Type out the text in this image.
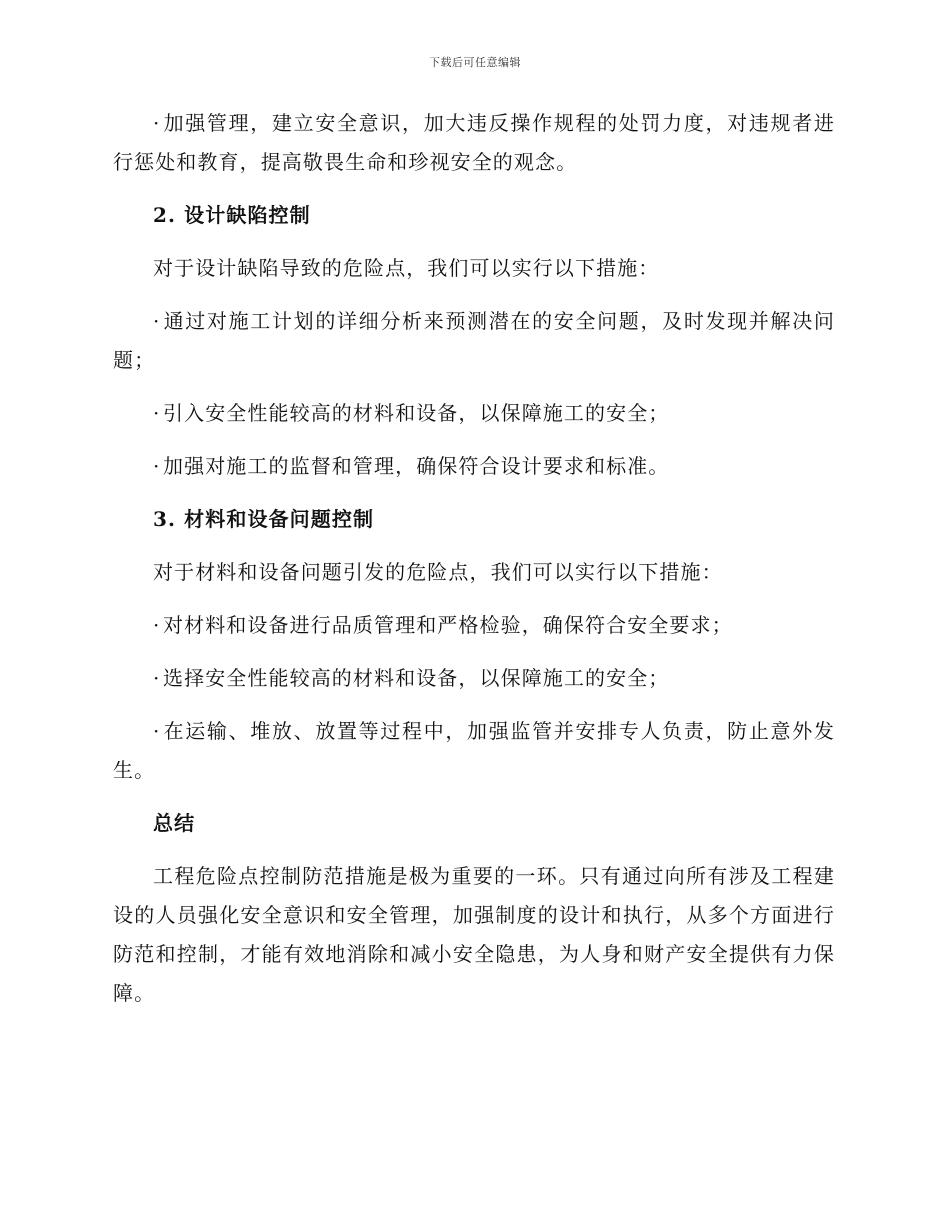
下载后可任意编辑

· 加强管理，建立安全意识，加大违反操作规程的处罚力度，对违规者进行惩处和教育，提高敬畏生命和珍视安全的观念。

2. 设计缺陷控制

对于设计缺陷导致的危险点，我们可以实行以下措施：

· 通过对施工计划的详细分析来预测潜在的安全问题，及时发现并解决问题；

· 引入安全性能较高的材料和设备，以保障施工的安全；

· 加强对施工的监督和管理，确保符合设计要求和标准。

3. 材料和设备问题控制

对于材料和设备问题引发的危险点，我们可以实行以下措施：

· 对材料和设备进行品质管理和严格检验，确保符合安全要求；

· 选择安全性能较高的材料和设备，以保障施工的安全；

· 在运输、堆放、放置等过程中，加强监管并安排专人负责，防止意外发生。

总结

工程危险点控制防范措施是极为重要的一环。只有通过向所有涉及工程建设的人员强化安全意识和安全管理，加强制度的设计和执行，从多个方面进行防范和控制，才能有效地消除和减小安全隐患，为人身和财产安全提供有力保障。
